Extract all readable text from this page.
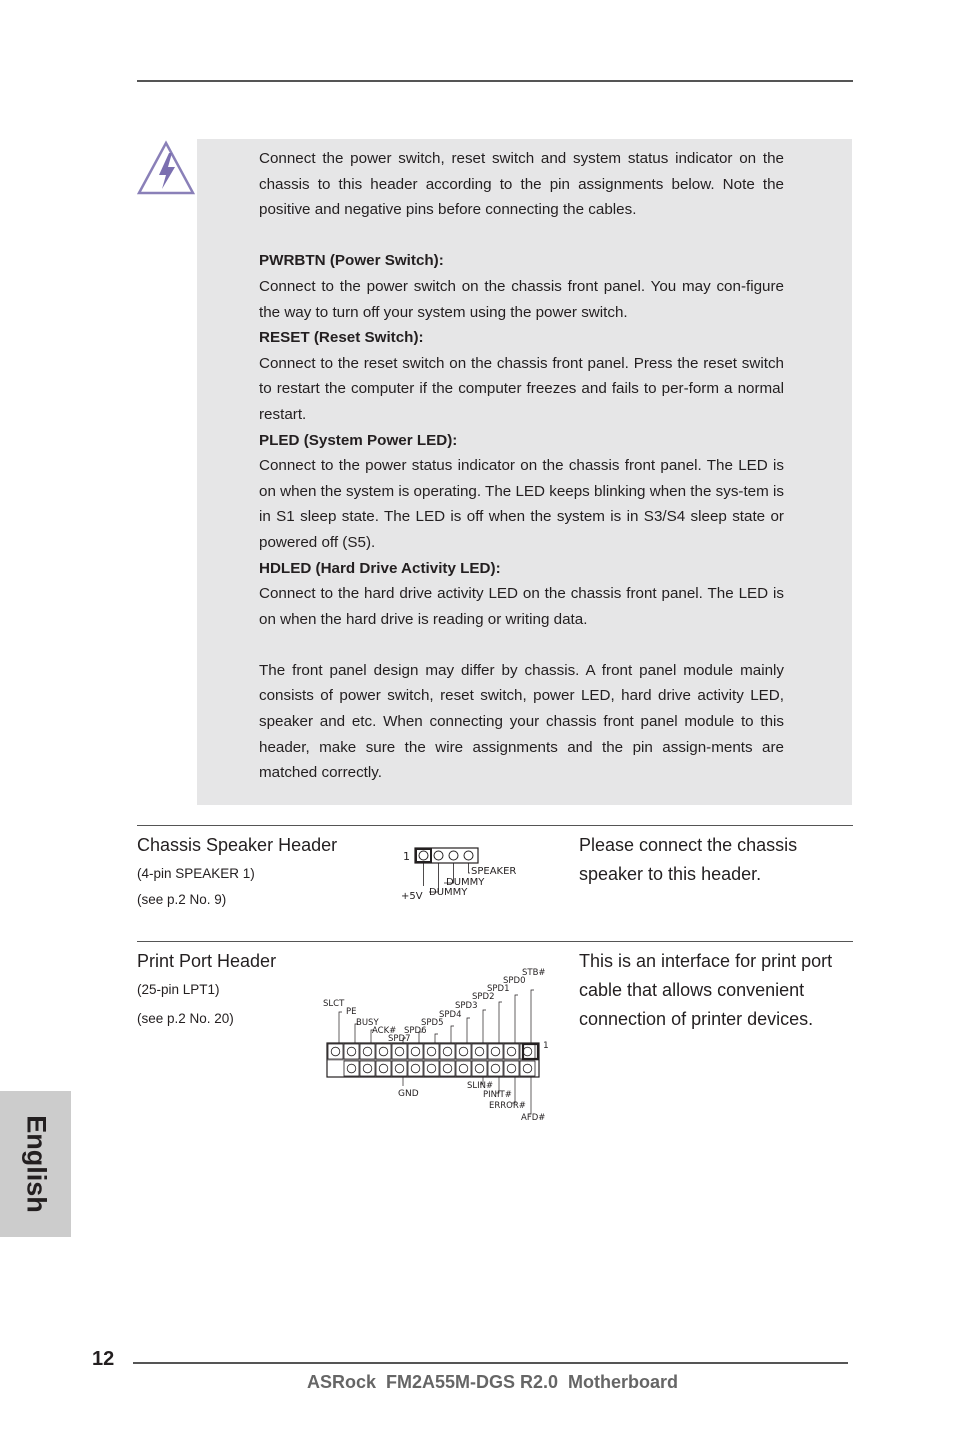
Connect the power switch, reset switch and system status indicator on the chassis to this header according to the pin assignments below. Note the positive and negative pins before connecting the cables.

PWRBTN (Power Switch):

Connect to the power switch on the chassis front panel. You may con-figure the way to turn off your system using the power switch.

RESET (Reset Switch):

Connect to the reset switch on the chassis front panel. Press the reset switch to restart the computer if the computer freezes and fails to per-form a normal restart.

PLED (System Power LED):

Connect to the power status indicator on the chassis front panel. The LED is on when the system is operating. The LED keeps blinking when the sys-tem is in S1 sleep state. The LED is off when the system is in S3/S4 sleep state or powered off (S5).

HDLED (Hard Drive Activity LED):

Connect to the hard drive activity LED on the chassis front panel. The LED is on when the hard drive is reading or writing data.

The front panel design may differ by chassis. A front panel module mainly consists of power switch, reset switch, power LED, hard drive activity LED, speaker and etc. When connecting your chassis front panel module to this header, make sure the wire assignments and the pin assign-ments are matched correctly.

Chassis Speaker Header
(4-pin SPEAKER 1)
(see p.2 No. 9)
Please connect the chassis speaker to this header.
1
SPEAKER
DUMMY
+5V DUMMY
Print Port Header
(25-pin LPT1)
(see p.2 No. 20)
This is an interface for print port cable that allows convenient connection of printer devices.
1
STB#
SPD0
SPD1
SPD2
SPD3
SPD4
SPD5
SPD6
SPD7
SLCT
PE
BUSY
ACK#
GND
SLIN#
PINIT#
ERROR#
AFD#
English
12
ASRock  FM2A55M-DGS R2.0  Motherboard
